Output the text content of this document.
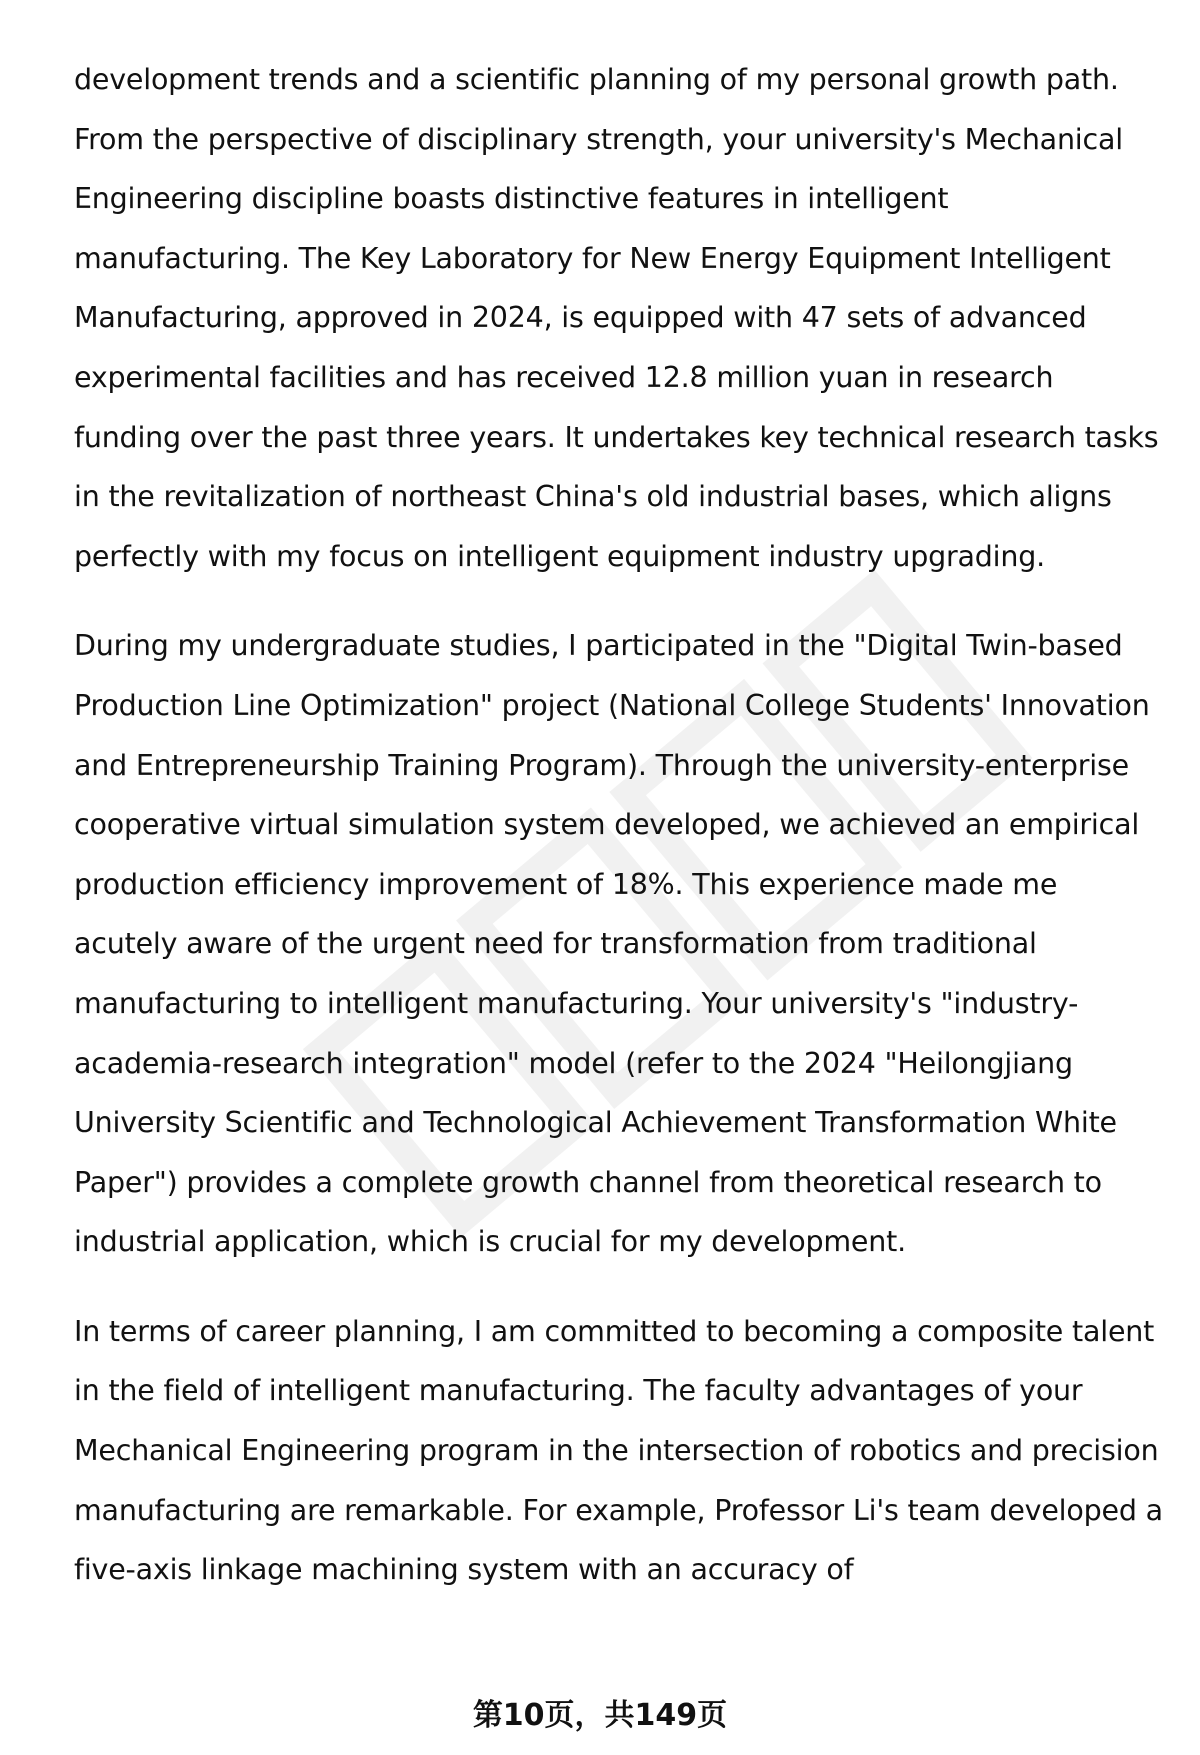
development trends and a scientific planning of my personal growth path. From the perspective of disciplinary strength, your university's Mechanical Engineering discipline boasts distinctive features in intelligent manufacturing. The Key Laboratory for New Energy Equipment Intelligent Manufacturing, approved in 2024, is equipped with 47 sets of advanced experimental facilities and has received 12.8 million yuan in research funding over the past three years. It undertakes key technical research tasks in the revitalization of northeast China's old industrial bases, which aligns perfectly with my focus on intelligent equipment industry upgrading.

During my undergraduate studies, I participated in the "Digital Twin-based Production Line Optimization" project (National College Students' Innovation and Entrepreneurship Training Program). Through the university-enterprise cooperative virtual simulation system developed, we achieved an empirical production efficiency improvement of 18%. This experience made me acutely aware of the urgent need for transformation from traditional manufacturing to intelligent manufacturing. Your university's "industry-academia-research integration" model (refer to the 2024 "Heilongjiang University Scientific and Technological Achievement Transformation White Paper") provides a complete growth channel from theoretical research to industrial application, which is crucial for my development.

In terms of career planning, I am committed to becoming a composite talent in the field of intelligent manufacturing. The faculty advantages of your Mechanical Engineering program in the intersection of robotics and precision manufacturing are remarkable. For example, Professor Li's team developed a five-axis linkage machining system with an accuracy of

第10页，共149页
